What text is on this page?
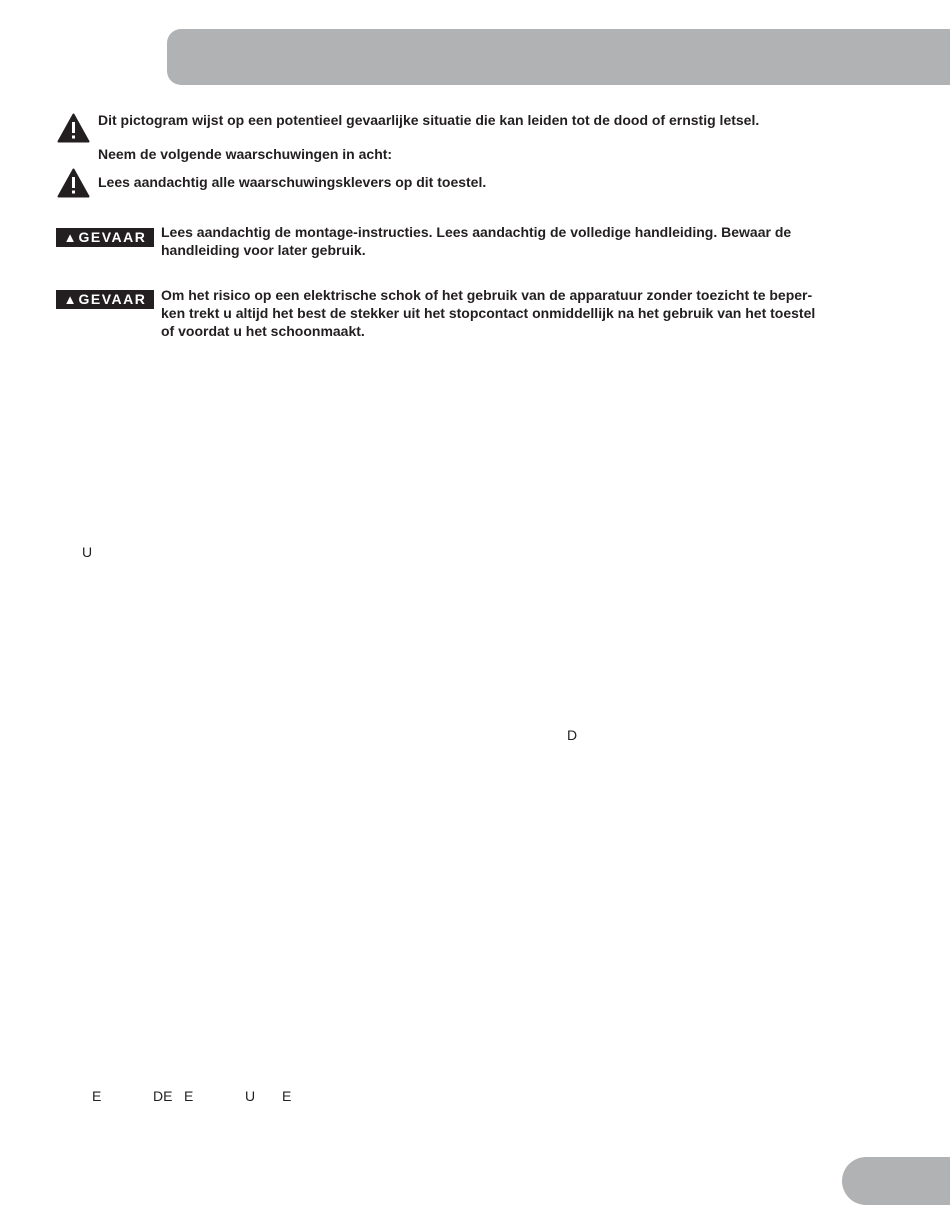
Dit pictogram wijst op een potentieel gevaarlijke situatie die kan leiden tot de dood of ernstig letsel.
Neem de volgende waarschuwingen in acht:
Lees aandachtig alle waarschuwingsklevers op dit toestel.
▲ GEVAAR	Lees aandachtig de montage-instructies. Lees aandachtig de volledige handleiding. Bewaar de
handleiding voor later gebruik.
▲ GEVAAR	Om het risico op een elektrische schok of het gebruik van de apparatuur zonder toezicht te beper-
ken trekt u altijd het best de stekker uit het stopcontact onmiddellijk na het gebruik van het toestel
of voordat u het schoonmaakt.
U
D
E	DE E	U E
